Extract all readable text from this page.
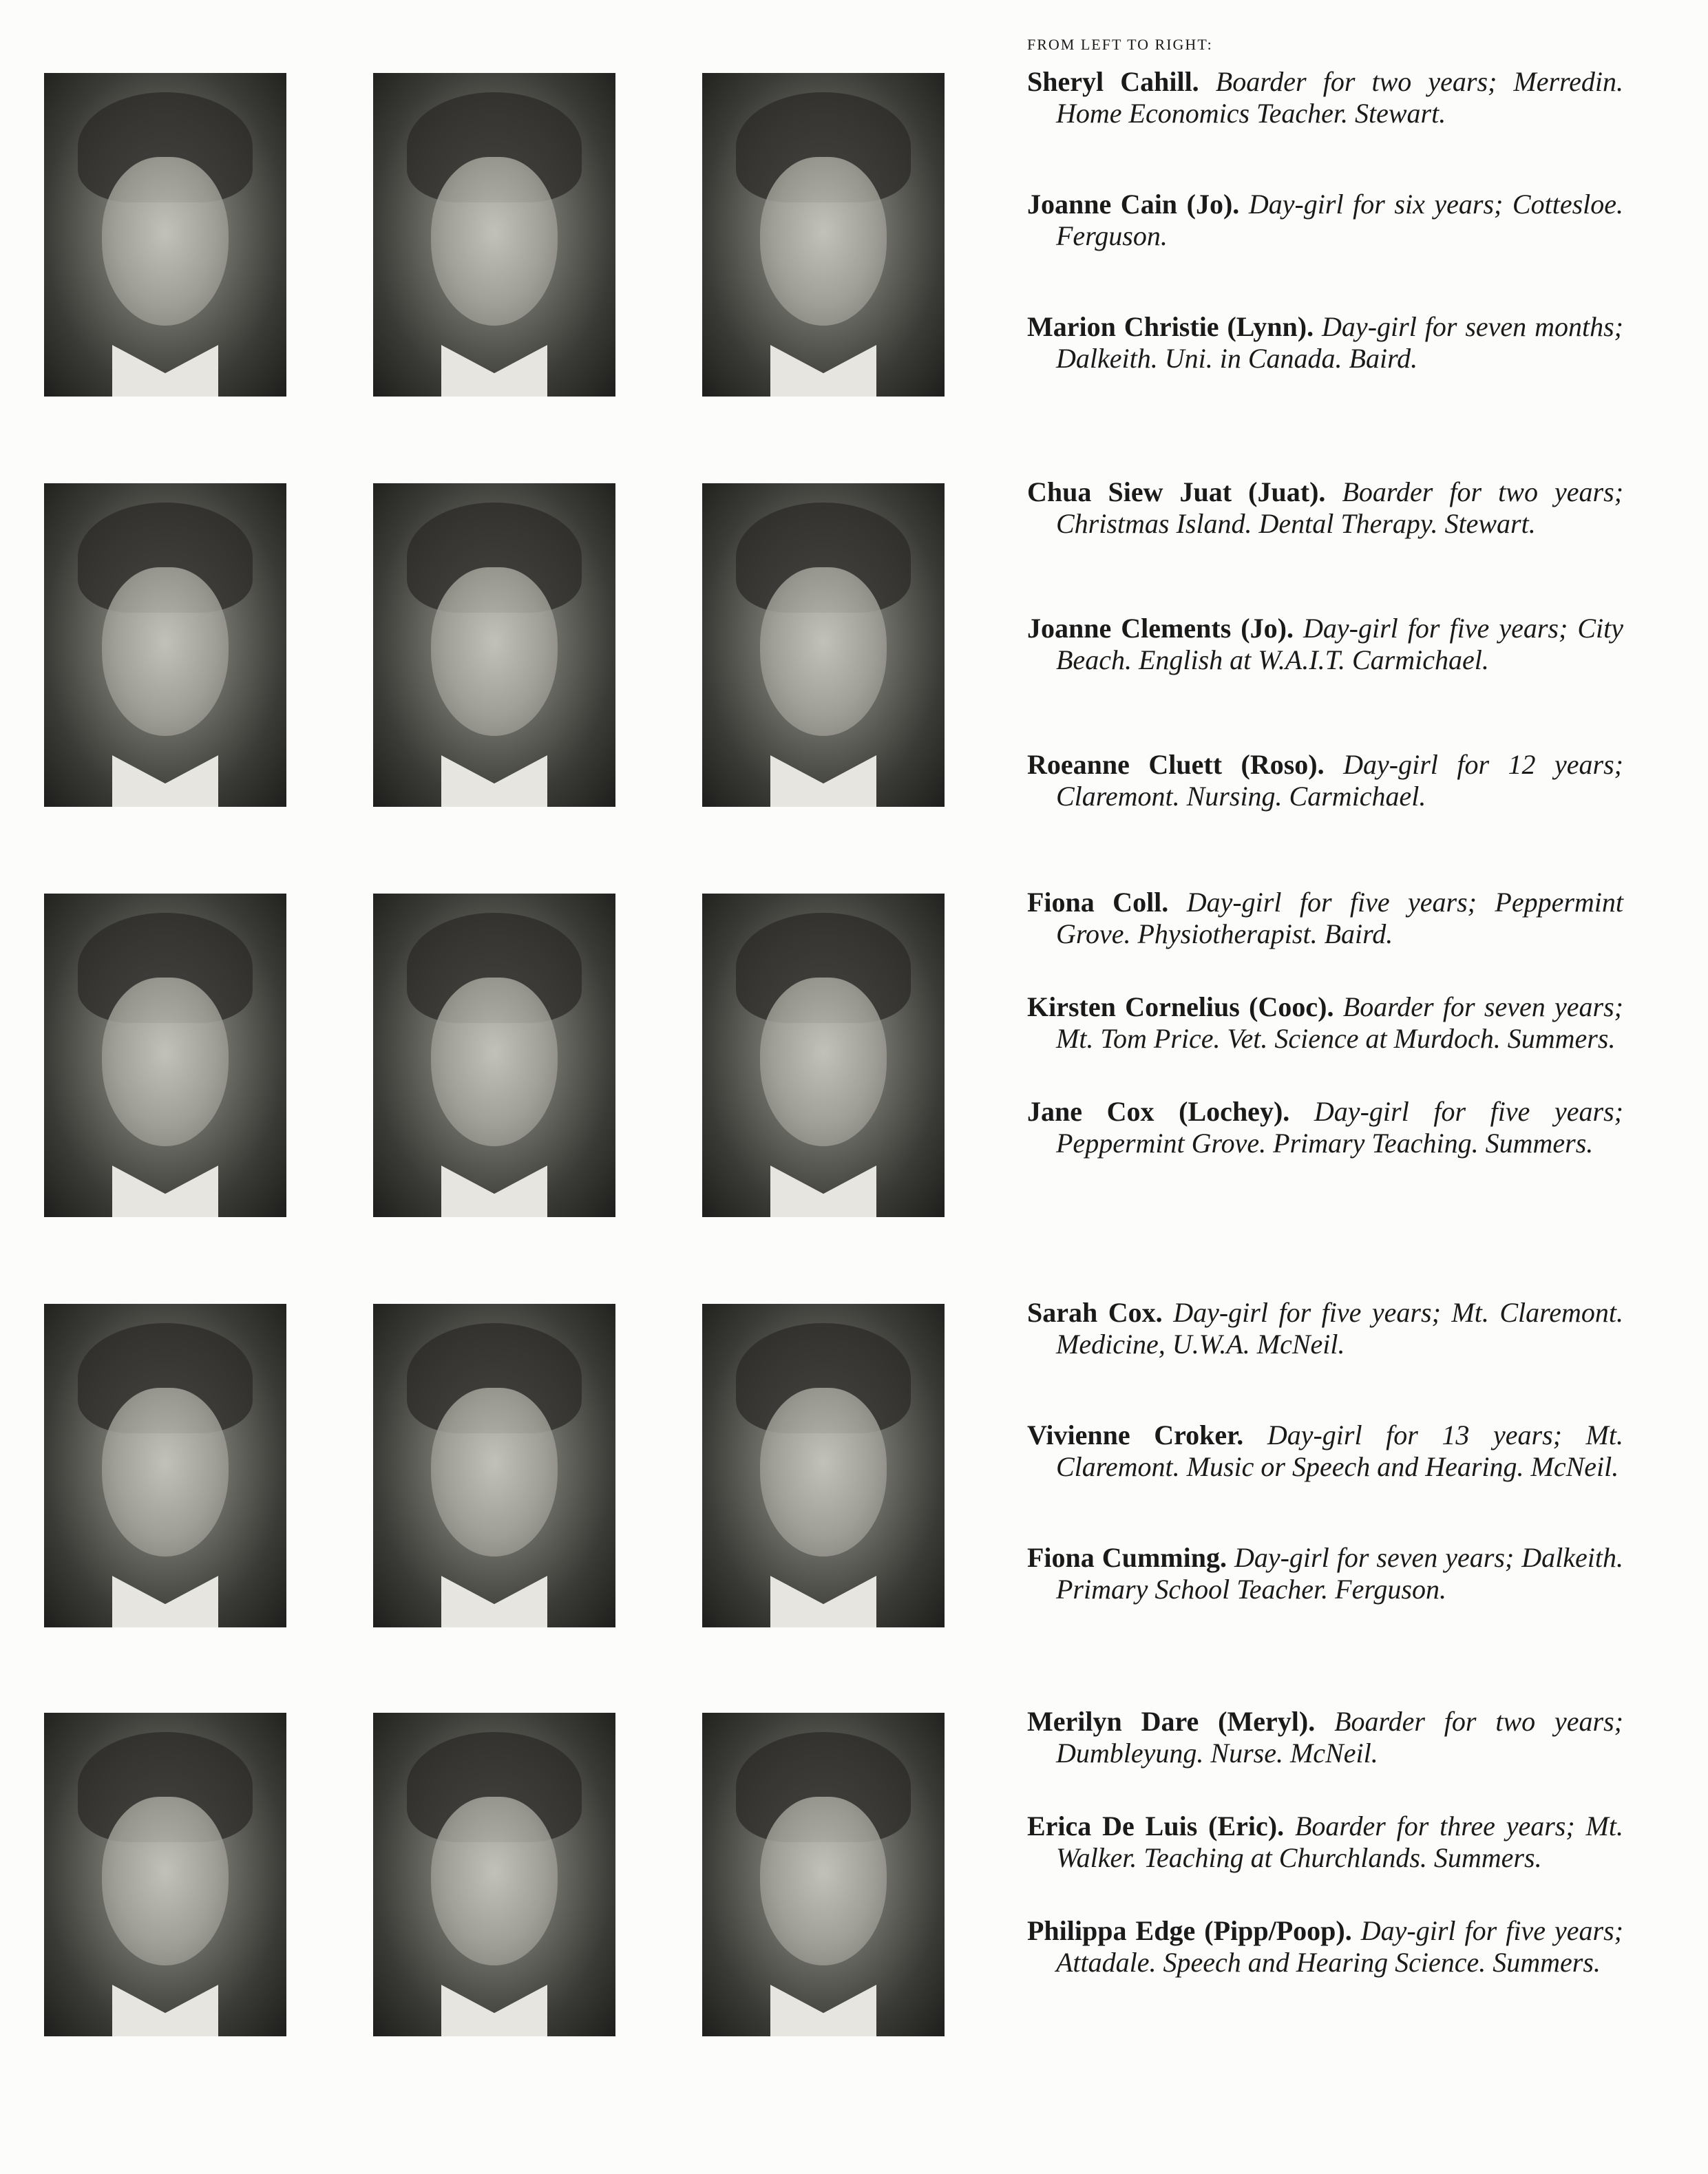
FROM LEFT TO RIGHT:

Sheryl Cahill. Boarder for two years; Merredin. Home Economics Teacher. Stewart.

Joanne Cain (Jo). Day-girl for six years; Cottesloe. Ferguson.

Marion Christie (Lynn). Day-girl for seven months; Dalkeith. Uni. in Canada. Baird.

Chua Siew Juat (Juat). Boarder for two years; Christmas Island. Dental Therapy. Stewart.

Joanne Clements (Jo). Day-girl for five years; City Beach. English at W.A.I.T. Carmichael.

Roeanne Cluett (Roso). Day-girl for 12 years; Claremont. Nursing. Carmichael.

Fiona Coll. Day-girl for five years; Peppermint Grove. Physiotherapist. Baird.

Kirsten Cornelius (Cooc). Boarder for seven years; Mt. Tom Price. Vet. Science at Murdoch. Summers.

Jane Cox (Lochey). Day-girl for five years; Peppermint Grove. Primary Teaching. Summers.

Sarah Cox. Day-girl for five years; Mt. Claremont. Medicine, U.W.A. McNeil.

Vivienne Croker. Day-girl for 13 years; Mt. Claremont. Music or Speech and Hearing. McNeil.

Fiona Cumming. Day-girl for seven years; Dalkeith. Primary School Teacher. Ferguson.

Merilyn Dare (Meryl). Boarder for two years; Dumbleyung. Nurse. McNeil.

Erica De Luis (Eric). Boarder for three years; Mt. Walker. Teaching at Churchlands. Summers.

Philippa Edge (Pipp/Poop). Day-girl for five years; Attadale. Speech and Hearing Science. Summers.
